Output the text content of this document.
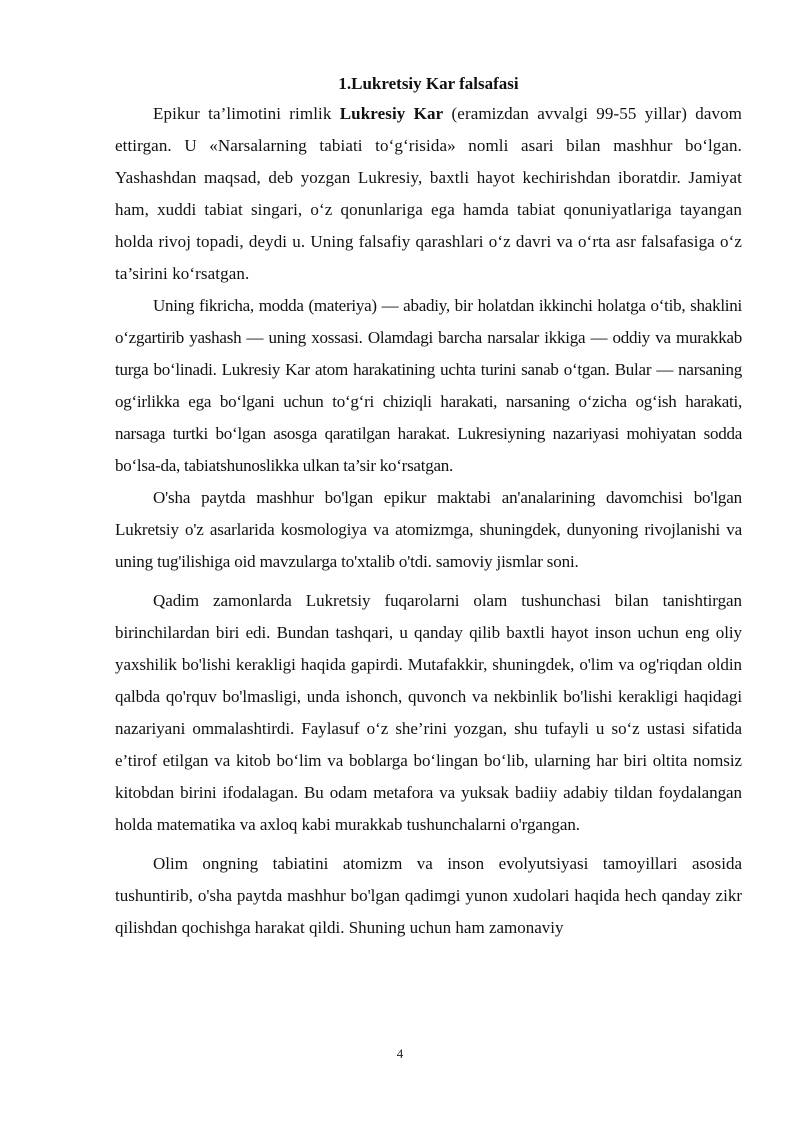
1.Lukretsiy Kar falsafasi

Epikur ta’limotini rimlik Lukresiy Kar (eramizdan avvalgi 99-55 yillar) davom ettirgan. U «Narsalarning tabiati to‘g‘risida» nomli asari bilan mashhur bo‘lgan. Yashashdan maqsad, deb yozgan Lukresiy, baxtli hayot kechirishdan iboratdir. Jamiyat ham, xuddi tabiat singari, o‘z qonunlariga ega hamda tabiat qonuniyatlariga tayangan holda rivoj topadi, deydi u. Uning falsafiy qarashlari o‘z davri va o‘rta asr falsafasiga o‘z ta’sirini ko‘rsatgan.

Uning fikricha, modda (materiya) — abadiy, bir holatdan ikkinchi holatga o‘tib, shaklini o‘zgartirib yashash — uning xossasi. Olamdagi barcha narsalar ikkiga — oddiy va murakkab turga bo‘linadi. Lukresiy Kar atom harakatining uchta turini sanab o‘tgan. Bular — narsaning og‘irlikka ega bo‘lgani uchun to‘g‘ri chiziqli harakati, narsaning o‘zicha og‘ish harakati, narsaga turtki bo‘lgan asosga qaratilgan harakat. Lukresiyning nazariyasi mohiyatan sodda bo‘lsa-da, tabiatshunoslikka ulkan ta’sir ko‘rsatgan.

O'sha paytda mashhur bo'lgan epikur maktabi an'analarining davomchisi bo'lgan Lukretsiy o'z asarlarida kosmologiya va atomizmga, shuningdek, dunyoning rivojlanishi va uning tug'ilishiga oid mavzularga to'xtalib o'tdi. samoviy jismlar soni.

Qadim zamonlarda Lukretsiy fuqarolarni olam tushunchasi bilan tanishtirgan birinchilardan biri edi. Bundan tashqari, u qanday qilib baxtli hayot inson uchun eng oliy yaxshilik bo'lishi kerakligi haqida gapirdi. Mutafakkir, shuningdek, o'lim va og'riqdan oldin qalbda qo'rquv bo'lmasligi, unda ishonch, quvonch va nekbinlik bo'lishi kerakligi haqidagi nazariyani ommalashtirdi. Faylasuf o‘z she’rini yozgan, shu tufayli u so‘z ustasi sifatida e’tirof etilgan va kitob bo‘lim va boblarga bo‘lingan bo‘lib, ularning har biri oltita nomsiz kitobdan birini ifodalagan. Bu odam metafora va yuksak badiiy adabiy tildan foydalangan holda matematika va axloq kabi murakkab tushunchalarni o'rgangan.

Olim ongning tabiatini atomizm va inson evolyutsiyasi tamoyillari asosida tushuntirib, o'sha paytda mashhur bo'lgan qadimgi yunon xudolari haqida hech qanday zikr qilishdan qochishga harakat qildi. Shuning uchun ham zamonaviy

4
